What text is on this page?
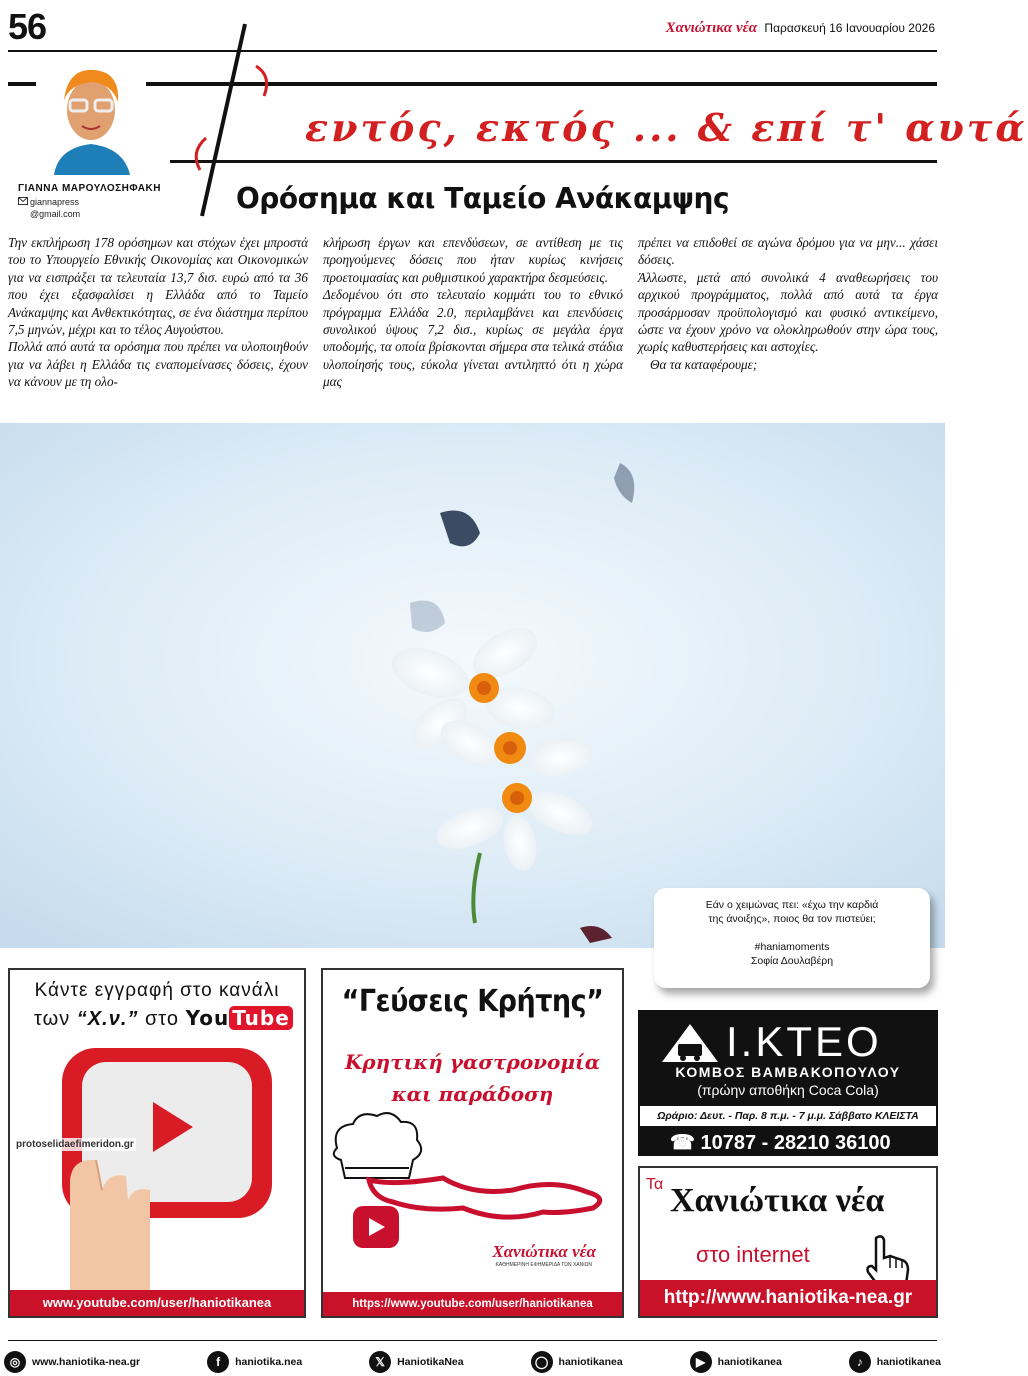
56	Χανιώτικα νέα Παρασκευή 16 Ιανουαρίου 2026
εντός, εκτός ... & επί τ' αυτά
ΓΙΑΝΝΑ ΜΑΡΟΥΛΟΣΗΦΑΚΗ
giannapress
@gmail.com	Ορόσημα και Ταμείο Ανάκαμψης

Την εκπλήρωση 178 ορόσημων και στόχων έχει μπροστά του το Υπουργείο Εθνικής Οικονομίας και Οικονομικών για να εισπράξει τα τελευταία 13,7 δισ. ευρώ από τα 36 που έχει εξασφαλίσει η Ελλάδα από το Ταμείο Ανάκαμψης και Ανθεκτικότητας, σε ένα διάστημα περίπου 7,5 μηνών, μέχρι και το τέλος Αυγούστου.

Πολλά από αυτά τα ορόσημα που πρέπει να υλοποιηθούν για να λάβει η Ελλάδα τις εναπομείνασες δόσεις, έχουν να κάνουν με τη ολο-

κλήρωση έργων και επενδύσεων, σε αντίθεση με τις προηγούμενες δόσεις που ήταν κυρίως κινήσεις προετοιμασίας και ρυθμιστικού χαρακτήρα δεσμεύσεις.

Δεδομένου ότι στο τελευταίο κομμάτι του το εθνικό πρόγραμμα Ελλάδα 2.0, περιλαμβάνει και επενδύσεις συνολικού ύψους 7,2 δισ., κυρίως σε μεγάλα έργα υποδομής, τα οποία βρίσκονται σήμερα στα τελικά στάδια υλοποίησής τους, εύκολα γίνεται αντιληπτό ότι η χώρα μας

πρέπει να επιδοθεί σε αγώνα δρόμου για να μην... χάσει δόσεις.

Άλλωστε, μετά από συνολικά 4 αναθεωρήσεις του αρχικού προγράμματος, πολλά από αυτά τα έργα προσάρμοσαν προϋπολογισμό και φυσικό αντικείμενο, ώστε να έχουν χρόνο να ολοκληρωθούν στην ώρα τους, χωρίς καθυστερήσεις και αστοχίες.

Θα τα καταφέρουμε;

Εάν ο χειμώνας πει: «έχω την καρδιά
της άνοιξης», ποιος θα τον πιστεύει;
#haniamoments
Σοφία Δουλαβέρη
Κάντε εγγραφή στο κανάλι
των “Χ.ν.” στο You Tube
protoselidaefimeridon.gr
www.youtube.com/user/haniotikanea
“Γεύσεις Κρήτης”
Κρητική γαστρονομία
και παράδοση
Χανιώτικα νέα
ΚΑΘΗΜΕΡΙΝΗ ΕΦΗΜΕΡΙΔΑ ΤΩΝ ΧΑΝΙΩΝ
https://www.youtube.com/user/haniotikanea
Ι.ΚΤΕΟ
ΚΟΜΒΟΣ ΒΑΜΒΑΚΟΠΟΥΛΟΥ
(πρώην αποθήκη Coca Cola)
Ωράριο: Δευτ. - Παρ. 8 π.μ. - 7 μ.μ. Σάββατο ΚΛΕΙΣΤΑ
☎ 10787 - 28210 36100
Τα Χανιώτικα νέα
στο internet
http://www.haniotika-nea.gr
◎	www.haniotika-nea.gr	f	haniotika.nea	𝕏	HaniotikaNea	◯ haniotikanea	▶	haniotikanea	♪	haniotikanea
